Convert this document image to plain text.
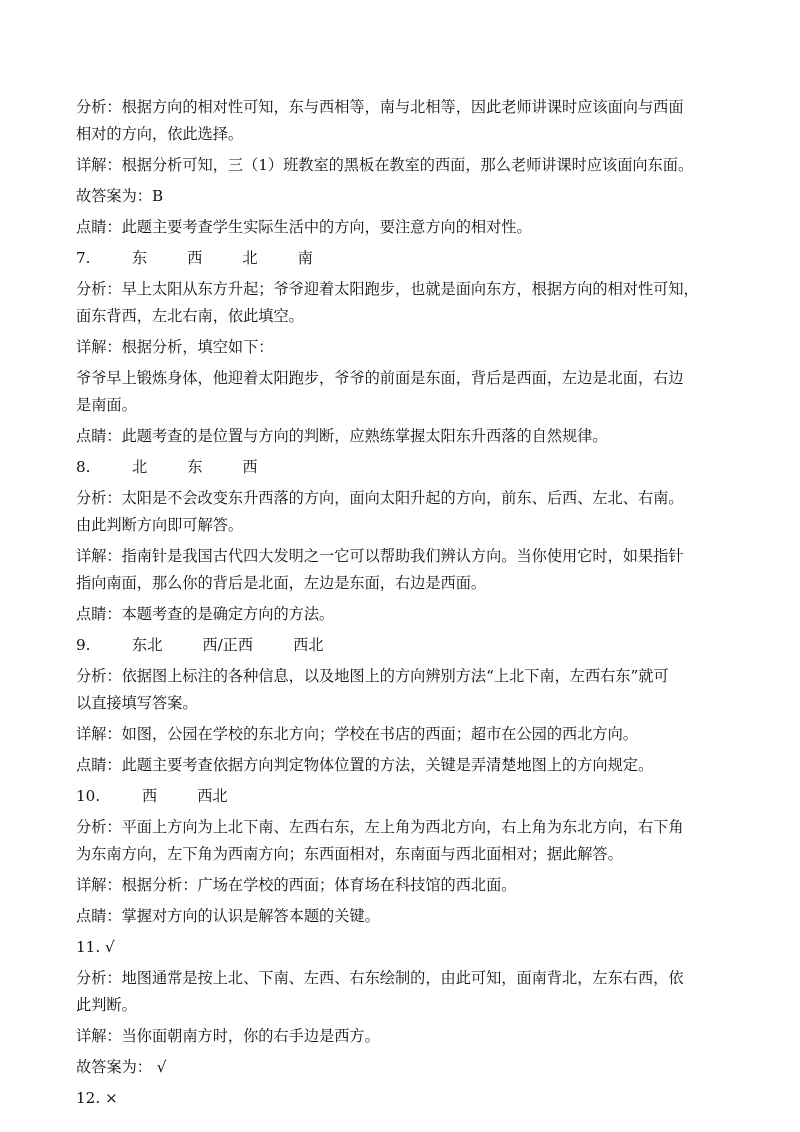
分析：根据方向的相对性可知，东与西相等，南与北相等，因此老师讲课时应该面向与西面
相对的方向，依此选择。
详解：根据分析可知，三（1）班教室的黑板在教室的西面，那么老师讲课时应该面向东面。
故答案为：B
点睛：此题主要考查学生实际生活中的方向，要注意方向的相对性。
7.	东	西	北	南
分析：早上太阳从东方升起；爷爷迎着太阳跑步，也就是面向东方，根据方向的相对性可知，
面东背西，左北右南，依此填空。
详解：根据分析，填空如下：
爷爷早上锻炼身体，他迎着太阳跑步，爷爷的前面是东面，背后是西面，左边是北面，右边
是南面。
点睛：此题考查的是位置与方向的判断，应熟练掌握太阳东升西落的自然规律。
8.	北	东	西
分析：太阳是不会改变东升西落的方向，面向太阳升起的方向，前东、后西、左北、右南。
由此判断方向即可解答。
详解：指南针是我国古代四大发明之一它可以帮助我们辨认方向。当你使用它时，如果指针
指向南面，那么你的背后是北面，左边是东面，右边是西面。
点睛：本题考查的是确定方向的方法。
9.	东北	西/正西	西北
分析：依据图上标注的各种信息，以及地图上的方向辨别方法“上北下南，左西右东”就可
以直接填写答案。
详解：如图，公园在学校的东北方向；学校在书店的西面；超市在公园的西北方向。
点睛：此题主要考查依据方向判定物体位置的方法，关键是弄清楚地图上的方向规定。
10.	西	西北
分析：平面上方向为上北下南、左西右东，左上角为西北方向，右上角为东北方向，右下角
为东南方向，左下角为西南方向；东西面相对，东南面与西北面相对；据此解答。
详解：根据分析：广场在学校的西面；体育场在科技馆的西北面。
点睛：掌握对方向的认识是解答本题的关键。
11. √
分析：地图通常是按上北、下南、左西、右东绘制的，由此可知，面南背北，左东右西，依
此判断。
详解：当你面朝南方时，你的右手边是西方。
故答案为： √
12. ×
